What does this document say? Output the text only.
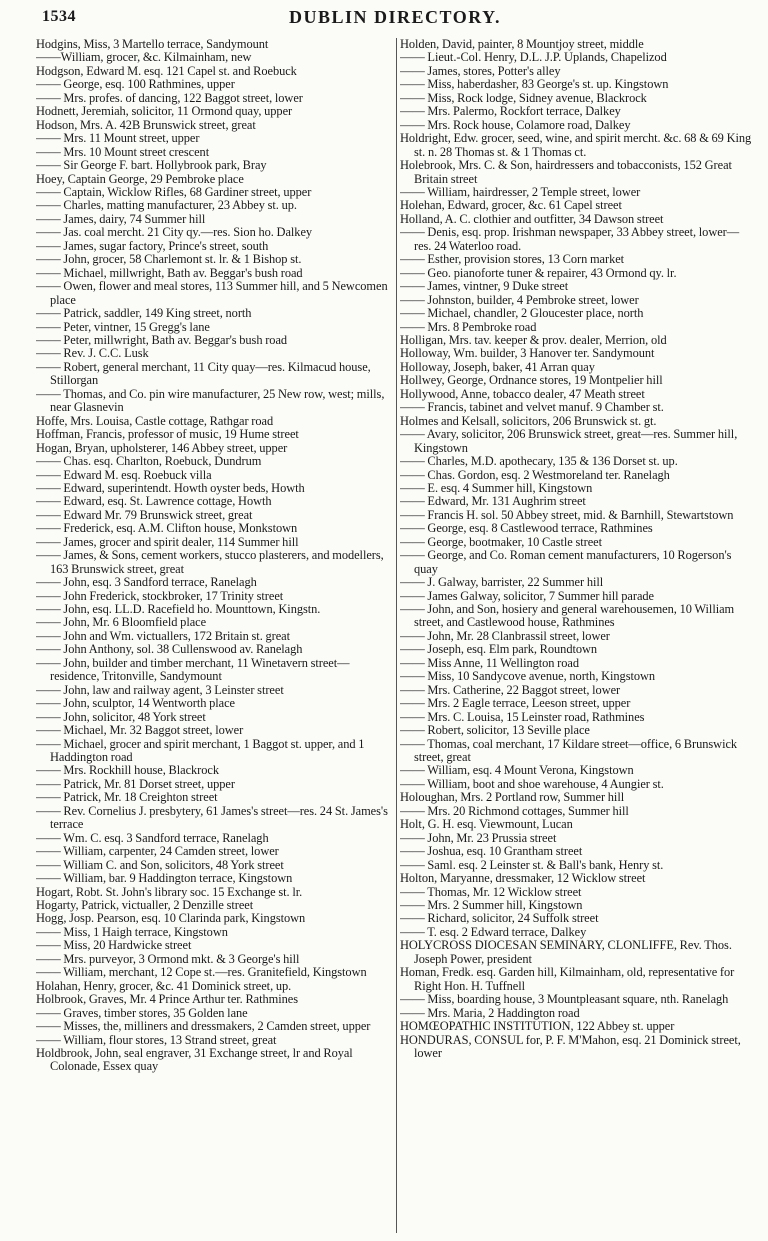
1534	DUBLIN DIRECTORY.
Hodgins, Miss, 3 Martello terrace, Sandymount
——William, grocer, &c. Kilmainham, new
Hodgson, Edward M. esq. 121 Capel st. and Roebuck
—— George, esq. 100 Rathmines, upper
—— Mrs. profes. of dancing, 122 Baggot street, lower
Hodnett, Jeremiah, solicitor, 11 Ormond quay, upper
Hodson, Mrs. A. 42B Brunswick street, great
—— Mrs. 11 Mount street, upper
—— Mrs. 10 Mount street crescent
—— Sir George F. bart. Hollybrook park, Bray
Hoey, Captain George, 29 Pembroke place
—— Captain, Wicklow Rifles, 68 Gardiner street, upper
—— Charles, matting manufacturer, 23 Abbey st. up.
—— James, dairy, 74 Summer hill
—— Jas. coal mercht. 21 City qy.—res. Sion ho. Dalkey
—— James, sugar factory, Prince's street, south
—— John, grocer, 58 Charlemont st. lr. & 1 Bishop st.
—— Michael, millwright, Bath av. Beggar's bush road
—— Owen, flower and meal stores, 113 Summer hill, and 5 Newcomen place
—— Patrick, saddler, 149 King street, north
—— Peter, vintner, 15 Gregg's lane
—— Peter, millwright, Bath av. Beggar's bush road
—— Rev. J. C.C. Lusk
—— Robert, general merchant, 11 City quay—res. Kilmacud house, Stillorgan
—— Thomas, and Co. pin wire manufacturer, 25 New row, west; mills, near Glasnevin
Hoffe, Mrs. Louisa, Castle cottage, Rathgar road
Hoffman, Francis, professor of music, 19 Hume street
Hogan, Bryan, upholsterer, 146 Abbey street, upper
—— Chas. esq. Charlton, Roebuck, Dundrum
—— Edward M. esq. Roebuck villa
—— Edward, superintendt. Howth oyster beds, Howth
—— Edward, esq. St. Lawrence cottage, Howth
—— Edward Mr. 79 Brunswick street, great
—— Frederick, esq. A.M. Clifton house, Monkstown
—— James, grocer and spirit dealer, 114 Summer hill
—— James, & Sons, cement workers, stucco plasterers, and modellers, 163 Brunswick street, great
—— John, esq. 3 Sandford terrace, Ranelagh
—— John Frederick, stockbroker, 17 Trinity street
—— John, esq. LL.D. Racefield ho. Mounttown, Kingstn.
—— John, Mr. 6 Bloomfield place
—— John and Wm. victuallers, 172 Britain st. great
—— John Anthony, sol. 38 Cullenswood av. Ranelagh
—— John, builder and timber merchant, 11 Winetavern street—residence, Tritonville, Sandymount
—— John, law and railway agent, 3 Leinster street
—— John, sculptor, 14 Wentworth place
—— John, solicitor, 48 York street
—— Michael, Mr. 32 Baggot street, lower
—— Michael, grocer and spirit merchant, 1 Baggot st. upper, and 1 Haddington road
—— Mrs. Rockhill house, Blackrock
—— Patrick, Mr. 81 Dorset street, upper
—— Patrick, Mr. 18 Creighton street
—— Rev. Cornelius J. presbytery, 61 James's street—res. 24 St. James's terrace
—— Wm. C. esq. 3 Sandford terrace, Ranelagh
—— William, carpenter, 24 Camden street, lower
—— William C. and Son, solicitors, 48 York street
—— William, bar. 9 Haddington terrace, Kingstown
Hogart, Robt. St. John's library soc. 15 Exchange st. lr.
Hogarty, Patrick, victualler, 2 Denzille street
Hogg, Josp. Pearson, esq. 10 Clarinda park, Kingstown
—— Miss, 1 Haigh terrace, Kingstown
—— Miss, 20 Hardwicke street
—— Mrs. purveyor, 3 Ormond mkt. & 3 George's hill
—— William, merchant, 12 Cope st.—res. Granitefield, Kingstown
Holahan, Henry, grocer, &c. 41 Dominick street, up.
Holbrook, Graves, Mr. 4 Prince Arthur ter. Rathmines
—— Graves, timber stores, 35 Golden lane
—— Misses, the, milliners and dressmakers, 2 Camden street, upper
—— William, flour stores, 13 Strand street, great
Holdbrook, John, seal engraver, 31 Exchange street, lr and Royal Colonade, Essex quay
Holden, David, painter, 8 Mountjoy street, middle
—— Lieut.-Col. Henry, D.L. J.P. Uplands, Chapelizod
—— James, stores, Potter's alley
—— Miss, haberdasher, 83 George's st. up. Kingstown
—— Miss, Rock lodge, Sidney avenue, Blackrock
—— Mrs. Palermo, Rockfort terrace, Dalkey
—— Mrs. Rock house, Colamore road, Dalkey
Holdright, Edw. grocer, seed, wine, and spirit mercht. &c. 68 & 69 King st. n. 28 Thomas st. & 1 Thomas ct.
Holebrook, Mrs. C. & Son, hairdressers and tobacconists, 152 Great Britain street
—— William, hairdresser, 2 Temple street, lower
Holehan, Edward, grocer, &c. 61 Capel street
Holland, A. C. clothier and outfitter, 34 Dawson street
—— Denis, esq. prop. Irishman newspaper, 33 Abbey street, lower—res. 24 Waterloo road.
—— Esther, provision stores, 13 Corn market
—— Geo. pianoforte tuner & repairer, 43 Ormond qy. lr.
—— James, vintner, 9 Duke street
—— Johnston, builder, 4 Pembroke street, lower
—— Michael, chandler, 2 Gloucester place, north
—— Mrs. 8 Pembroke road
Holligan, Mrs. tav. keeper & prov. dealer, Merrion, old
Holloway, Wm. builder, 3 Hanover ter. Sandymount
Holloway, Joseph, baker, 41 Arran quay
Hollwey, George, Ordnance stores, 19 Montpelier hill
Hollywood, Anne, tobacco dealer, 47 Meath street
—— Francis, tabinet and velvet manuf. 9 Chamber st.
Holmes and Kelsall, solicitors, 206 Brunswick st. gt.
—— Avary, solicitor, 206 Brunswick street, great—res. Summer hill, Kingstown
—— Charles, M.D. apothecary, 135 & 136 Dorset st. up.
—— Chas. Gordon, esq. 2 Westmoreland ter. Ranelagh
—— E. esq. 4 Summer hill, Kingstown
—— Edward, Mr. 131 Aughrim street
—— Francis H. sol. 50 Abbey street, mid. & Barnhill, Stewartstown
—— George, esq. 8 Castlewood terrace, Rathmines
—— George, bootmaker, 10 Castle street
—— George, and Co. Roman cement manufacturers, 10 Rogerson's quay
—— J. Galway, barrister, 22 Summer hill
—— James Galway, solicitor, 7 Summer hill parade
—— John, and Son, hosiery and general warehousemen, 10 William street, and Castlewood house, Rathmines
—— John, Mr. 28 Clanbrassil street, lower
—— Joseph, esq. Elm park, Roundtown
—— Miss Anne, 11 Wellington road
—— Miss, 10 Sandycove avenue, north, Kingstown
—— Mrs. Catherine, 22 Baggot street, lower
—— Mrs. 2 Eagle terrace, Leeson street, upper
—— Mrs. C. Louisa, 15 Leinster road, Rathmines
—— Robert, solicitor, 13 Seville place
—— Thomas, coal merchant, 17 Kildare street—office, 6 Brunswick street, great
—— William, esq. 4 Mount Verona, Kingstown
—— William, boot and shoe warehouse, 4 Aungier st.
Holoughan, Mrs. 2 Portland row, Summer hill
—— Mrs. 20 Richmond cottages, Summer hill
Holt, G. H. esq. Viewmount, Lucan
—— John, Mr. 23 Prussia street
—— Joshua, esq. 10 Grantham street
—— Saml. esq. 2 Leinster st. & Ball's bank, Henry st.
Holton, Maryanne, dressmaker, 12 Wicklow street
—— Thomas, Mr. 12 Wicklow street
—— Mrs. 2 Summer hill, Kingstown
—— Richard, solicitor, 24 Suffolk street
—— T. esq. 2 Edward terrace, Dalkey
HOLYCROSS DIOCESAN SEMINARY, CLONLIFFE, Rev. Thos. Joseph Power, president
Homan, Fredk. esq. Garden hill, Kilmainham, old, representative for Right Hon. H. Tuffnell
—— Miss, boarding house, 3 Mountpleasant square, nth. Ranelagh
—— Mrs. Maria, 2 Haddington road
HOMŒOPATHIC INSTITUTION, 122 Abbey st. upper
HONDURAS, CONSUL for, P. F. M'Mahon, esq. 21 Dominick street, lower
